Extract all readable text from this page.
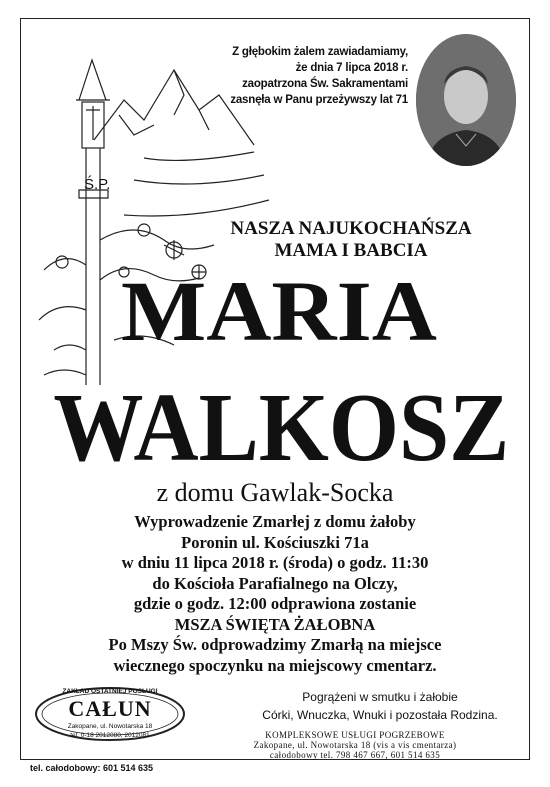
Ś.P.
Z głębokim żalem zawiadamiamy,
że dnia 7 lipca 2018 r.
zaopatrzona Św. Sakramentami
zasnęła w Panu przeżywszy lat 71
NASZA NAJUKOCHAŃSZA
MAMA I BABCIA
MARIA
WALKOSZ
z domu Gawlak-Socka
Wyprowadzenie Zmarłej z domu żałoby
Poronin ul. Kościuszki 71a
w dniu 11 lipca 2018 r. (środa) o godz. 11:30
do Kościoła Parafialnego na Olczy,
gdzie o godz. 12:00 odprawiona zostanie
MSZA ŚWIĘTA ŻAŁOBNA
Po Mszy Św. odprowadzimy Zmarłą na miejsce
wiecznego spoczynku na miejscowy cmentarz.
ZAKŁAD OSTATNIEJ POSŁUGI
CAŁUN
Zakopane, ul. Nowotarska 18
tel. 0-18 2012080, 2012081
Pogrążeni w smutku i żałobie
Córki, Wnuczka, Wnuki i pozostała Rodzina.
KOMPLEKSOWE USŁUGI POGRZEBOWE
Zakopane, ul. Nowotarska 18 (vis a vis cmentarza)
całodobowy tel. 798 467 667, 601 514 635
tel. całodobowy: 601 514 635
